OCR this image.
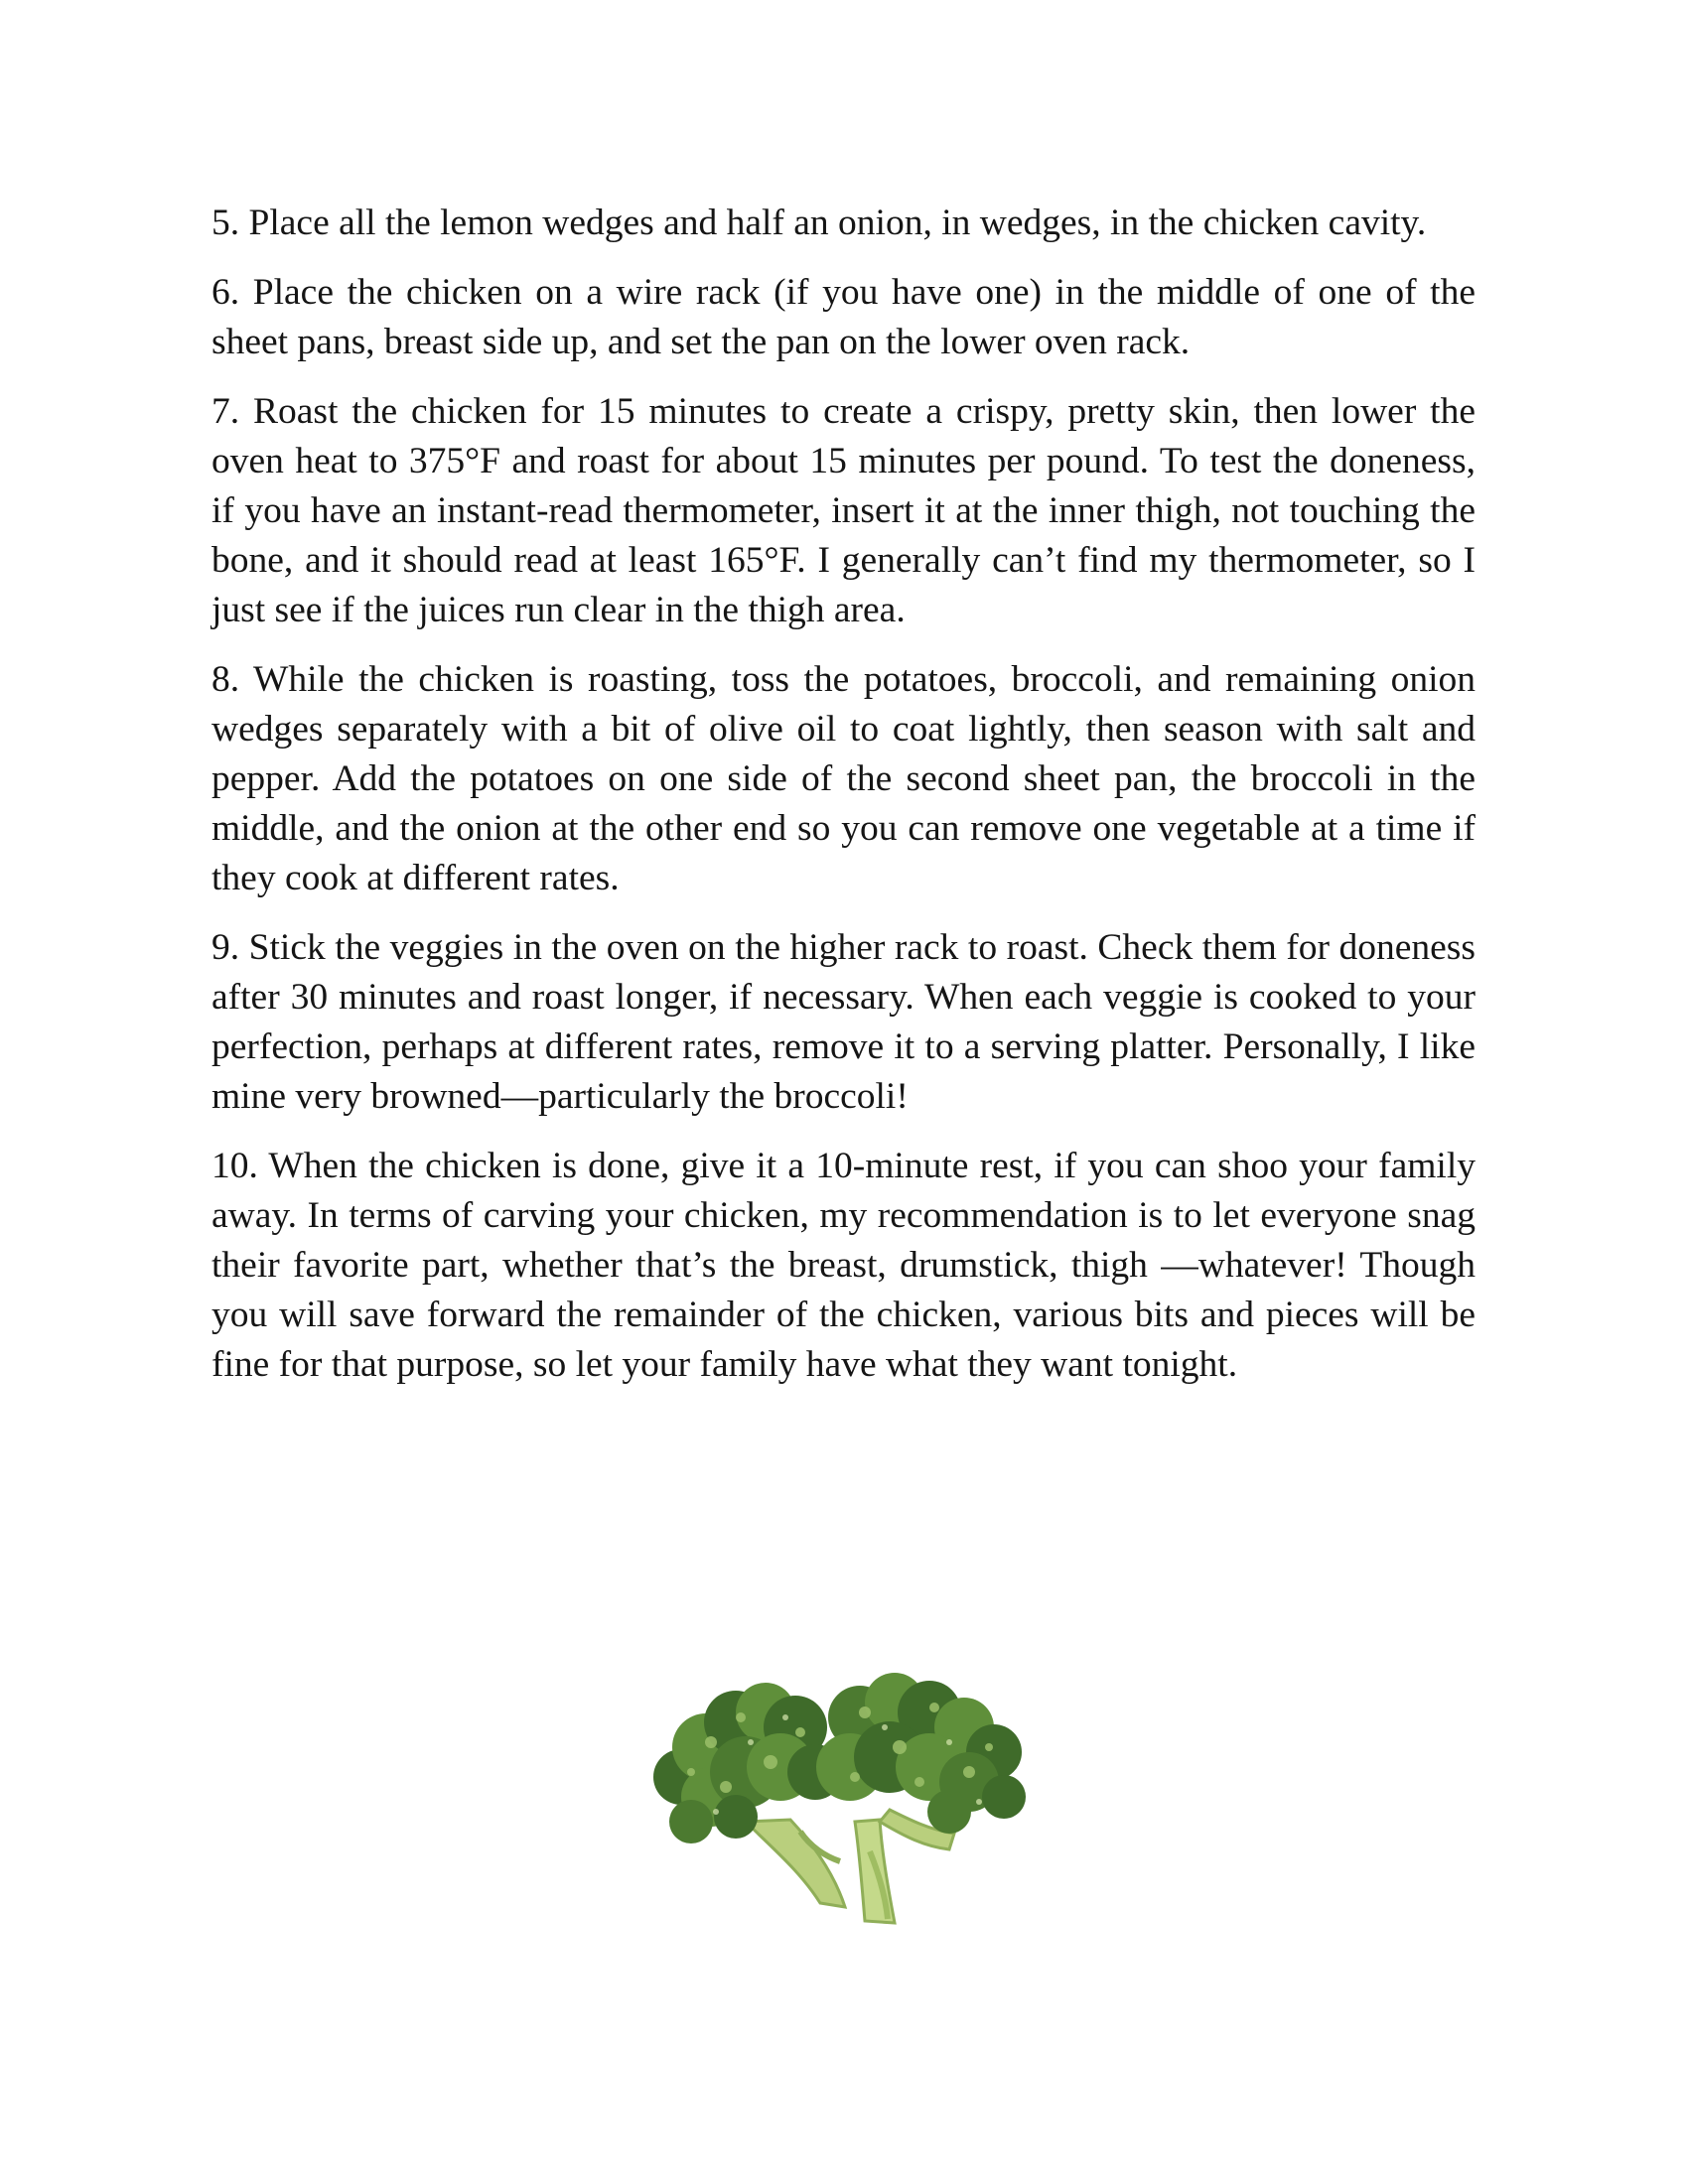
5. Place all the lemon wedges and half an onion, in wedges, in the chicken cavity.

6. Place the chicken on a wire rack (if you have one) in the middle of one of the sheet pans, breast side up, and set the pan on the lower oven rack.

7. Roast the chicken for 15 minutes to create a crispy, pretty skin, then lower the oven heat to 375°F and roast for about 15 minutes per pound. To test the doneness, if you have an instant-read thermometer, insert it at the inner thigh, not touching the bone, and it should read at least 165°F. I generally can’t find my thermometer, so I just see if the juices run clear in the thigh area.

8. While the chicken is roasting, toss the potatoes, broccoli, and remaining onion wedges separately with a bit of olive oil to coat lightly, then season with salt and pepper. Add the potatoes on one side of the second sheet pan, the broccoli in the middle, and the onion at the other end so you can remove one vegetable at a time if they cook at different rates.

9. Stick the veggies in the oven on the higher rack to roast. Check them for doneness after 30 minutes and roast longer, if necessary. When each veggie is cooked to your perfection, perhaps at different rates, remove it to a serving platter. Personally, I like mine very browned—particularly the broccoli!

10. When the chicken is done, give it a 10-minute rest, if you can shoo your family away. In terms of carving your chicken, my recommendation is to let everyone snag their favorite part, whether that’s the breast, drumstick, thigh —whatever! Though you will save forward the remainder of the chicken, various bits and pieces will be fine for that purpose, so let your family have what they want tonight.
